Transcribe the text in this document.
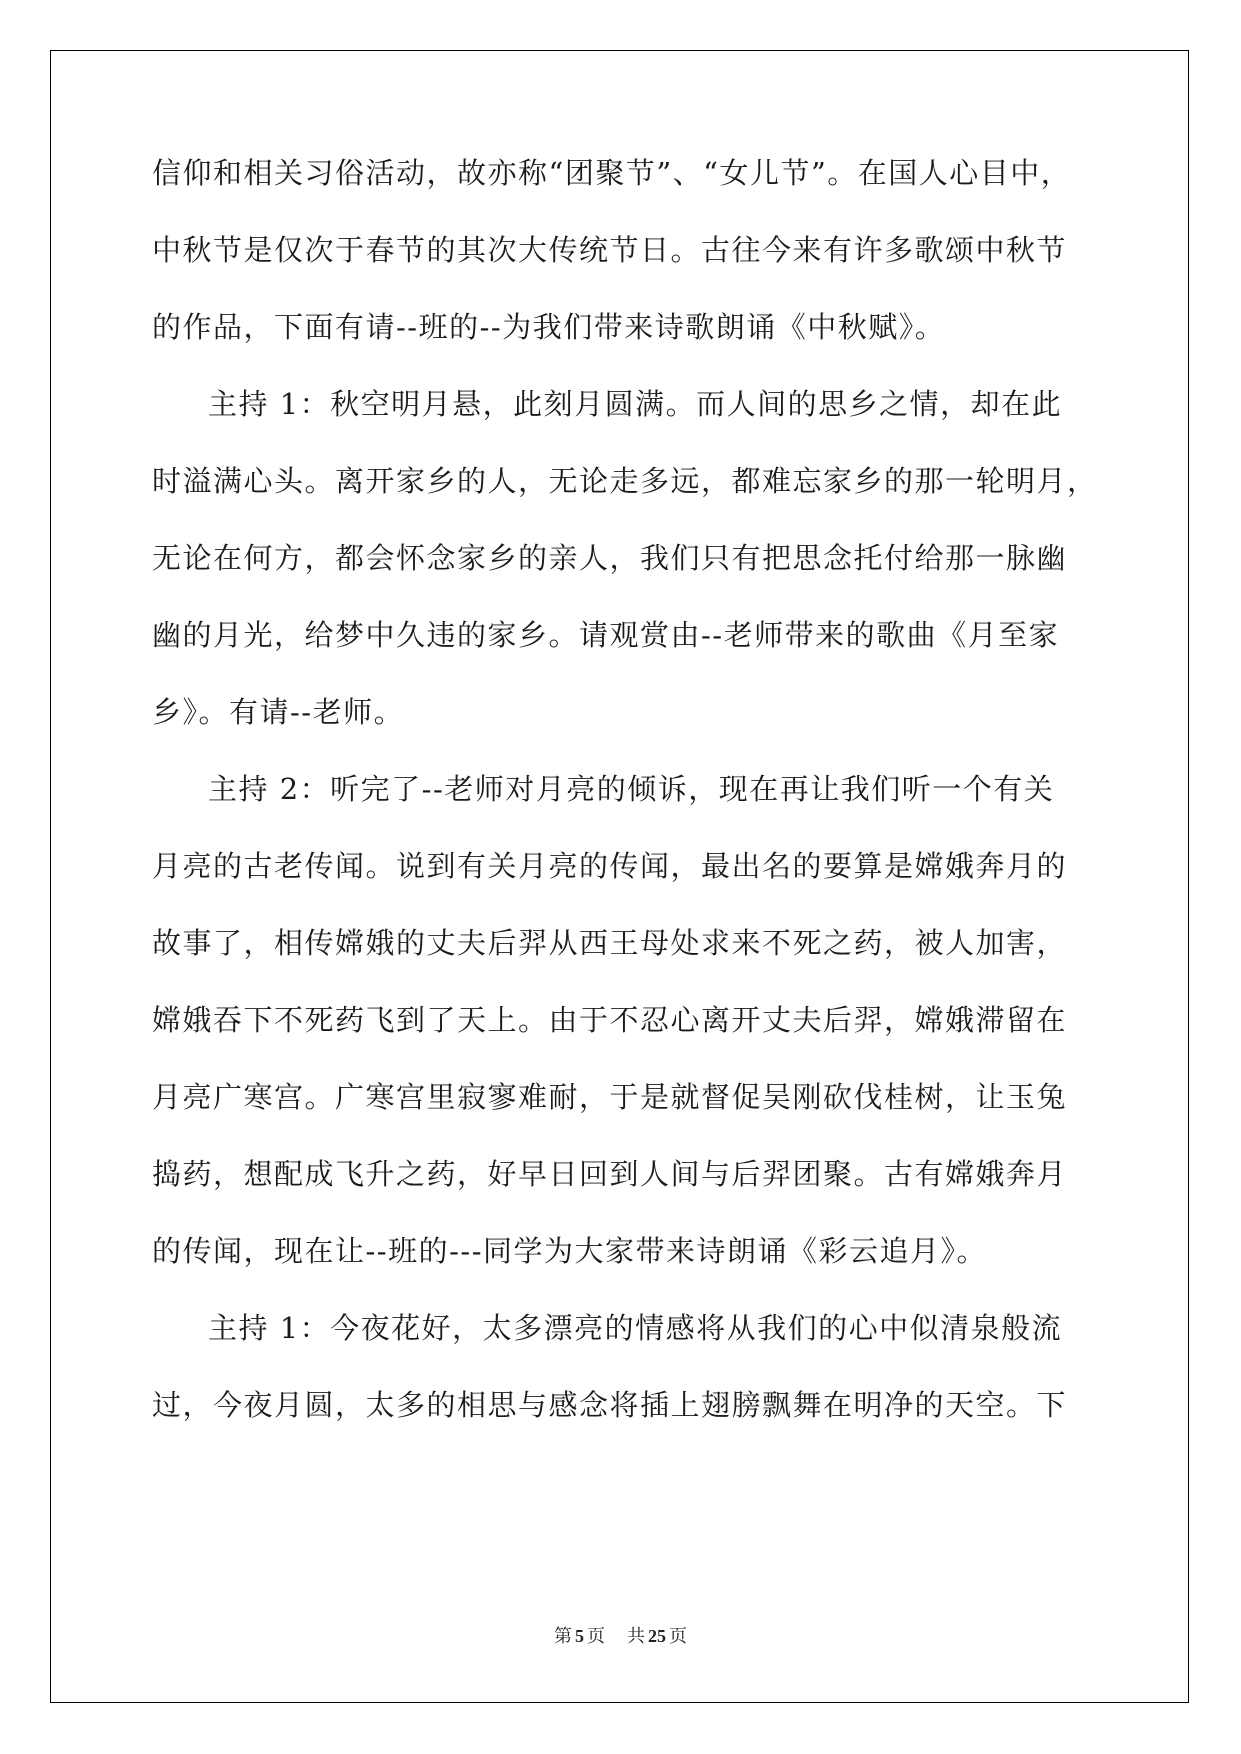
信仰和相关习俗活动，故亦称“团聚节”、“女儿节”。在国人心目中，
中秋节是仅次于春节的其次大传统节日。古往今来有许多歌颂中秋节
的作品，下面有请--班的--为我们带来诗歌朗诵《中秋赋》。
主持 1：秋空明月悬，此刻月圆满。而人间的思乡之情，却在此
时溢满心头。离开家乡的人，无论走多远，都难忘家乡的那一轮明月，
无论在何方，都会怀念家乡的亲人，我们只有把思念托付给那一脉幽
幽的月光，给梦中久违的家乡。请观赏由--老师带来的歌曲《月至家
乡》。有请--老师。
主持 2：听完了--老师对月亮的倾诉，现在再让我们听一个有关
月亮的古老传闻。说到有关月亮的传闻，最出名的要算是嫦娥奔月的
故事了，相传嫦娥的丈夫后羿从西王母处求来不死之药，被人加害，
嫦娥吞下不死药飞到了天上。由于不忍心离开丈夫后羿，嫦娥滞留在
月亮广寒宫。广寒宫里寂寥难耐，于是就督促吴刚砍伐桂树，让玉兔
捣药，想配成飞升之药，好早日回到人间与后羿团聚。古有嫦娥奔月
的传闻，现在让--班的---同学为大家带来诗朗诵《彩云追月》。
主持 1：今夜花好，太多漂亮的情感将从我们的心中似清泉般流
过，今夜月圆，太多的相思与感念将插上翅膀飘舞在明净的天空。下
第 5 页 共 25 页
